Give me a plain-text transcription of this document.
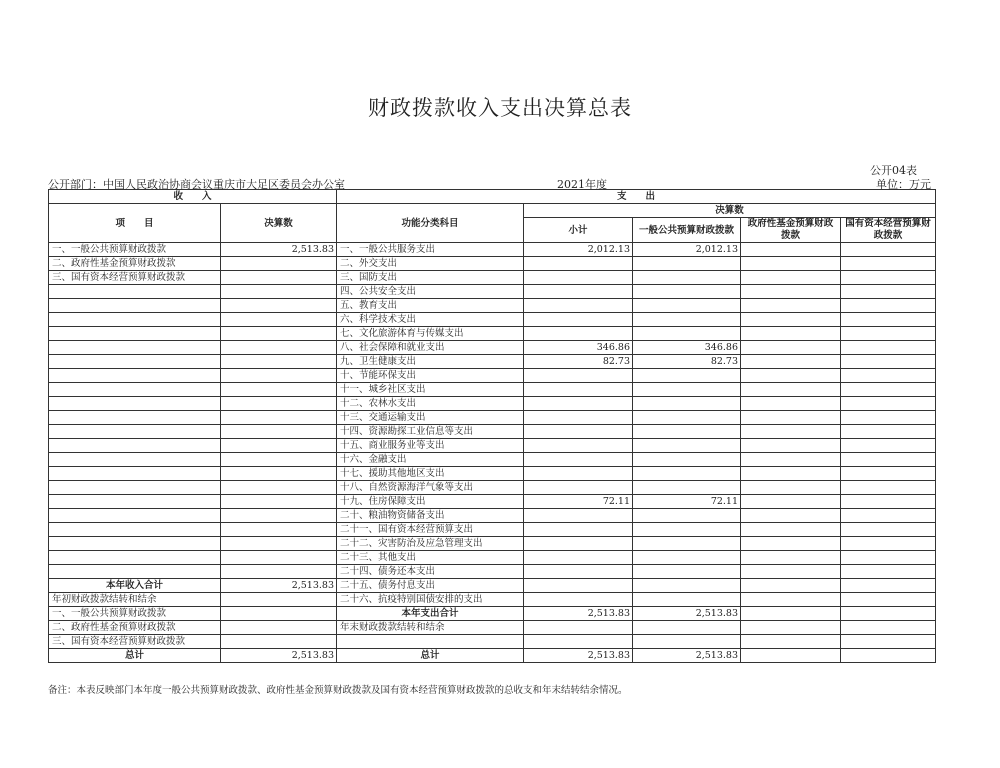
财政拨款收入支出决算总表
公开04表
公开部门：中国人民政治协商会议重庆市大足区委员会办公室	2021年度	单位：万元
收　　入		支　　出				
项　　目	决算数	功能分类科目	决算数			
			小计	一般公共预算财政拨款	政府性基金预算财政拨款	国有资本经营预算财政拨款

一、一般公共预算财政拨款	2,513.83	一、一般公共服务支出	2,012.13	2,012.13		
二、政府性基金预算财政拨款		二、外交支出				
三、国有资本经营预算财政拨款		三、国防支出				
		四、公共安全支出				
		五、教育支出				
		六、科学技术支出				
		七、文化旅游体育与传媒支出				
		八、社会保障和就业支出	346.86	346.86		
		九、卫生健康支出	82.73	82.73		
		十、节能环保支出				
		十一、城乡社区支出				
		十二、农林水支出				
		十三、交通运输支出				
		十四、资源勘探工业信息等支出				
		十五、商业服务业等支出				
		十六、金融支出				
		十七、援助其他地区支出				
		十八、自然资源海洋气象等支出				
		十九、住房保障支出	72.11	72.11		
		二十、粮油物资储备支出				
		二十一、国有资本经营预算支出				
		二十二、灾害防治及应急管理支出				
		二十三、其他支出				
		二十四、债务还本支出				
本年收入合计	2,513.83	二十五、债务付息支出				
年初财政拨款结转和结余		二十六、抗疫特别国债安排的支出				
一、一般公共预算财政拨款		本年支出合计	2,513.83	2,513.83		
二、政府性基金预算财政拨款		年末财政拨款结转和结余				
三、国有资本经营预算财政拨款						
总计	2,513.83	总计	2,513.83	2,513.83		
备注：本表反映部门本年度一般公共预算财政拨款、政府性基金预算财政拨款及国有资本经营预算财政拨款的总收支和年末结转结余情况。
